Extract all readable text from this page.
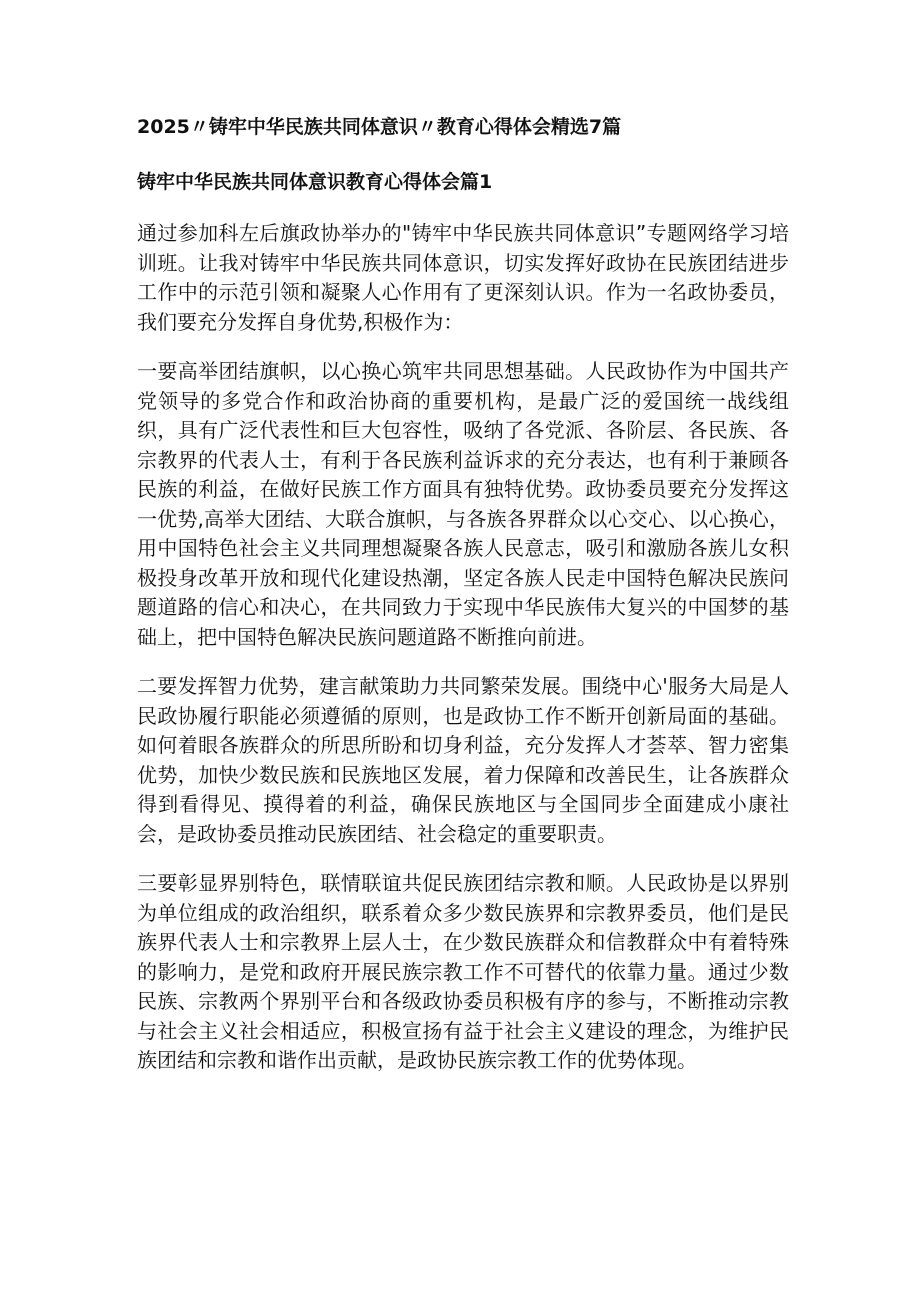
2025〃铸牢中华民族共同体意识〃教育心得体会精选7篇
铸牢中华民族共同体意识教育心得体会篇1

通过参加科左后旗政协举办的"铸牢中华民族共同体意识”专题网络学习培训班。让我对铸牢中华民族共同体意识，切实发挥好政协在民族团结进步工作中的示范引领和凝聚人心作用有了更深刻认识。作为一名政协委员，我们要充分发挥自身优势,积极作为：

一要高举团结旗帜，以心换心筑牢共同思想基础。人民政协作为中国共产党领导的多党合作和政治协商的重要机构，是最广泛的爱国统一战线组织，具有广泛代表性和巨大包容性，吸纳了各党派、各阶层、各民族、各宗教界的代表人士，有利于各民族利益诉求的充分表达，也有利于兼顾各民族的利益，在做好民族工作方面具有独特优势。政协委员要充分发挥这一优势,高举大团结、大联合旗帜，与各族各界群众以心交心、以心换心，用中国特色社会主义共同理想凝聚各族人民意志，吸引和激励各族儿女积极投身改革开放和现代化建设热潮，坚定各族人民走中国特色解决民族问题道路的信心和决心，在共同致力于实现中华民族伟大复兴的中国梦的基础上，把中国特色解决民族问题道路不断推向前进。

二要发挥智力优势，建言献策助力共同繁荣发展。围绕中心'服务大局是人民政协履行职能必须遵循的原则，也是政协工作不断开创新局面的基础。如何着眼各族群众的所思所盼和切身利益，充分发挥人才荟萃、智力密集优势，加快少数民族和民族地区发展，着力保障和改善民生，让各族群众得到看得见、摸得着的利益，确保民族地区与全国同步全面建成小康社会，是政协委员推动民族团结、社会稳定的重要职责。

三要彰显界别特色，联情联谊共促民族团结宗教和顺。人民政协是以界别为单位组成的政治组织，联系着众多少数民族界和宗教界委员，他们是民族界代表人士和宗教界上层人士，在少数民族群众和信教群众中有着特殊的影响力，是党和政府开展民族宗教工作不可替代的依靠力量。通过少数民族、宗教两个界别平台和各级政协委员积极有序的参与，不断推动宗教与社会主义社会相适应，积极宣扬有益于社会主义建设的理念，为维护民族团结和宗教和谐作出贡献，是政协民族宗教工作的优势体现。
